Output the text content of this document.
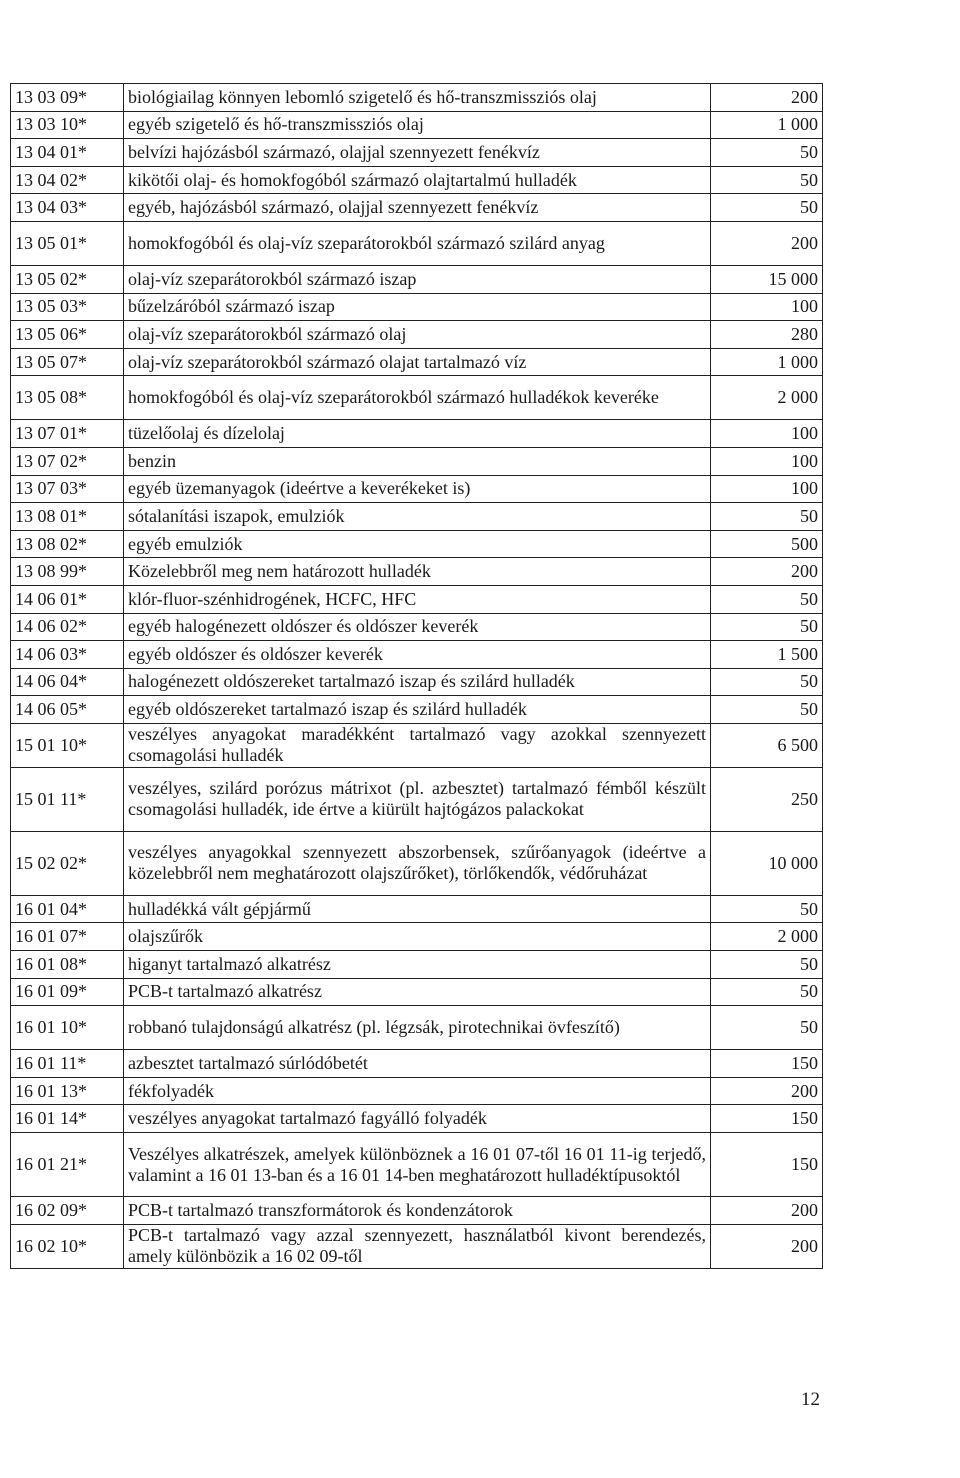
13 03 09*	biológiailag könnyen lebomló szigetelő és hő-transzmissziós olaj	200
13 03 10*	egyéb szigetelő és hő-transzmissziós olaj	1 000
13 04 01*	belvízi hajózásból származó, olajjal szennyezett fenékvíz	50
13 04 02*	kikötői olaj- és homokfogóból származó olajtartalmú hulladék	50
13 04 03*	egyéb, hajózásból származó, olajjal szennyezett fenékvíz	50
13 05 01*	homokfogóból és olaj-víz szeparátorokból származó szilárd anyag	200
13 05 02*	olaj-víz szeparátorokból származó iszap	15 000
13 05 03*	bűzelzáróból származó iszap	100
13 05 06*	olaj-víz szeparátorokból származó olaj	280
13 05 07*	olaj-víz szeparátorokból származó olajat tartalmazó víz	1 000
13 05 08*	homokfogóból és olaj-víz szeparátorokból származó hulladékok keveréke	2 000
13 07 01*	tüzelőolaj és dízelolaj	100
13 07 02*	benzin	100
13 07 03*	egyéb üzemanyagok (ideértve a keverékeket is)	100
13 08 01*	sótalanítási iszapok, emulziók	50
13 08 02*	egyéb emulziók	500
13 08 99*	Közelebbről meg nem határozott hulladék	200
14 06 01*	klór-fluor-szénhidrogének, HCFC, HFC	50
14 06 02*	egyéb halogénezett oldószer és oldószer keverék	50
14 06 03*	egyéb oldószer és oldószer keverék	1 500
14 06 04*	halogénezett oldószereket tartalmazó iszap és szilárd hulladék	50
14 06 05*	egyéb oldószereket tartalmazó iszap és szilárd hulladék	50
15 01 10*	veszélyes anyagokat maradékként tartalmazó vagy azokkal szennyezett csomagolási hulladék	6 500
15 01 11*	veszélyes, szilárd porózus mátrixot (pl. azbesztet) tartalmazó fémből készült csomagolási hulladék, ide értve a kiürült hajtógázos palackokat	250
15 02 02*	veszélyes anyagokkal szennyezett abszorbensek, szűrőanyagok (ideértve a közelebbről nem meghatározott olajszűrőket), törlőkendők, védőruházat	10 000
16 01 04*	hulladékká vált gépjármű	50
16 01 07*	olajszűrők	2 000
16 01 08*	higanyt tartalmazó alkatrész	50
16 01 09*	PCB-t tartalmazó alkatrész	50
16 01 10*	robbanó tulajdonságú alkatrész (pl. légzsák, pirotechnikai övfeszítő)	50
16 01 11*	azbesztet tartalmazó súrlódóbetét	150
16 01 13*	fékfolyadék	200
16 01 14*	veszélyes anyagokat tartalmazó fagyálló folyadék	150
16 01 21*	Veszélyes alkatrészek, amelyek különböznek a 16 01 07-től 16 01 11-ig terjedő, valamint a 16 01 13-ban és a 16 01 14-ben meghatározott hulladéktípusoktól	150
16 02 09*	PCB-t tartalmazó transzformátorok és kondenzátorok	200
16 02 10*	PCB-t tartalmazó vagy azzal szennyezett, használatból kivont berendezés, amely különbözik a 16 02 09-től	200
12
